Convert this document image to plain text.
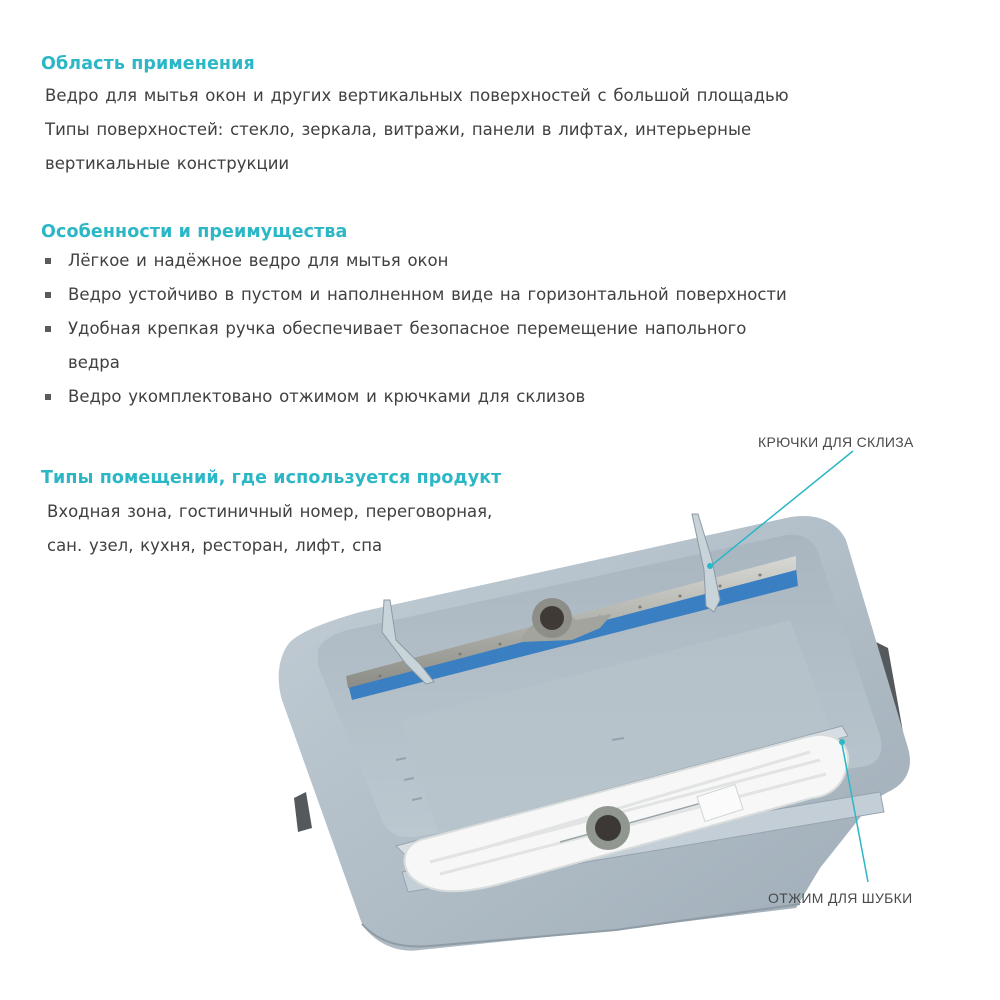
Область применения
Ведро для мытья окон и других вертикальных поверхностей с большой площадью
Типы поверхностей: стекло, зеркала, витражи, панели в лифтах, интерьерные
вертикальные конструкции
Особенности и преимущества
Лёгкое и надёжное ведро для мытья окон
Ведро устойчиво в пустом и наполненном виде на горизонтальной поверхности
Удобная крепкая ручка обеспечивает безопасное перемещение напольного
ведра
Ведро укомплектовано отжимом и крючками для склизов
Типы помещений, где используется продукт
Входная зона, гостиничный номер, переговорная,
сан. узел, кухня, ресторан, лифт, спа
КРЮЧКИ ДЛЯ СКЛИЗА
ОТЖИМ ДЛЯ ШУБКИ
